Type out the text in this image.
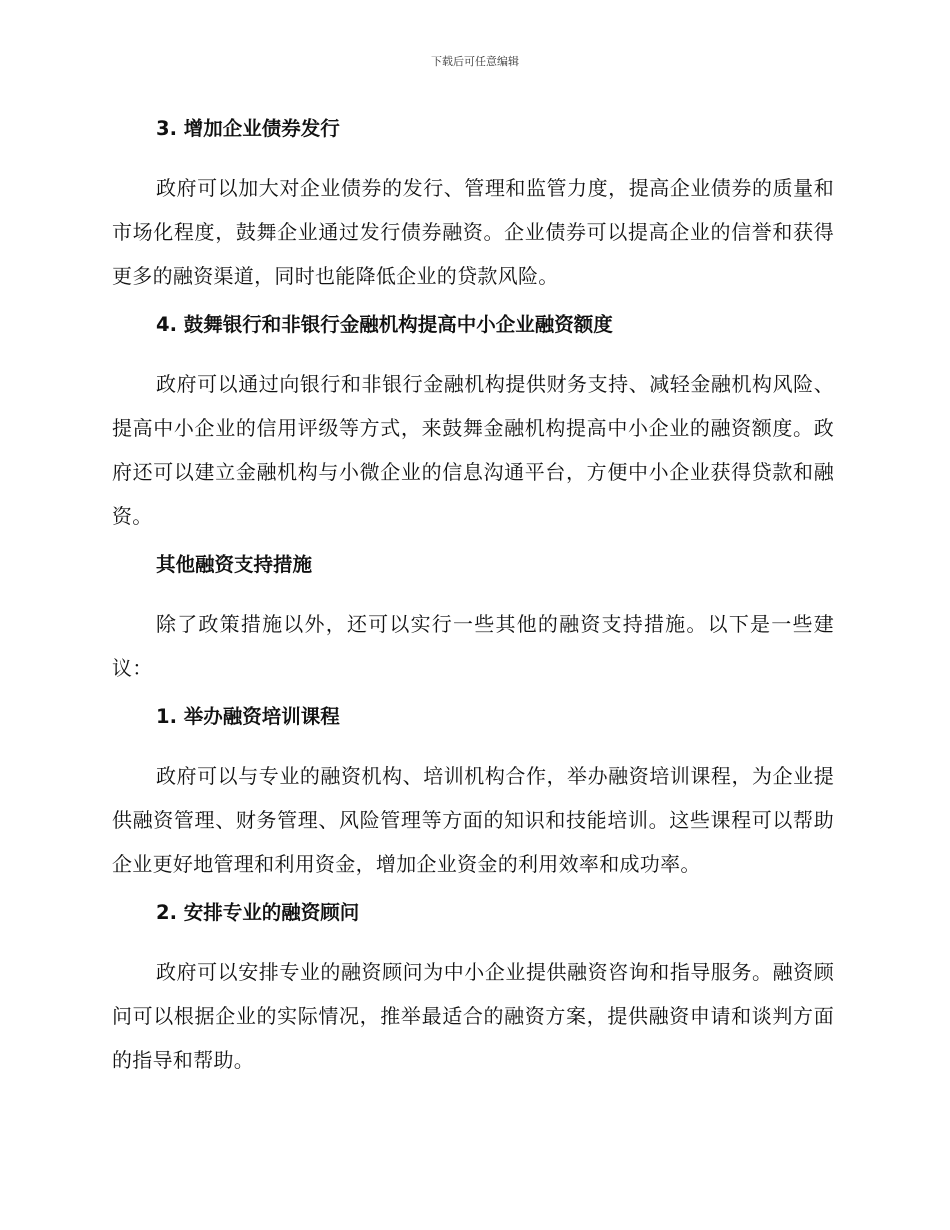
下载后可任意编辑
3. 增加企业债券发行

政府可以加大对企业债券的发行、管理和监管力度，提高企业债券的质量和市场化程度，鼓舞企业通过发行债券融资。企业债券可以提高企业的信誉和获得更多的融资渠道，同时也能降低企业的贷款风险。

4. 鼓舞银行和非银行金融机构提高中小企业融资额度

政府可以通过向银行和非银行金融机构提供财务支持、减轻金融机构风险、提高中小企业的信用评级等方式，来鼓舞金融机构提高中小企业的融资额度。政府还可以建立金融机构与小微企业的信息沟通平台，方便中小企业获得贷款和融资。

其他融资支持措施

除了政策措施以外，还可以实行一些其他的融资支持措施。以下是一些建议：

1. 举办融资培训课程

政府可以与专业的融资机构、培训机构合作，举办融资培训课程，为企业提供融资管理、财务管理、风险管理等方面的知识和技能培训。这些课程可以帮助企业更好地管理和利用资金，增加企业资金的利用效率和成功率。

2. 安排专业的融资顾问

政府可以安排专业的融资顾问为中小企业提供融资咨询和指导服务。融资顾问可以根据企业的实际情况，推举最适合的融资方案，提供融资申请和谈判方面的指导和帮助。
